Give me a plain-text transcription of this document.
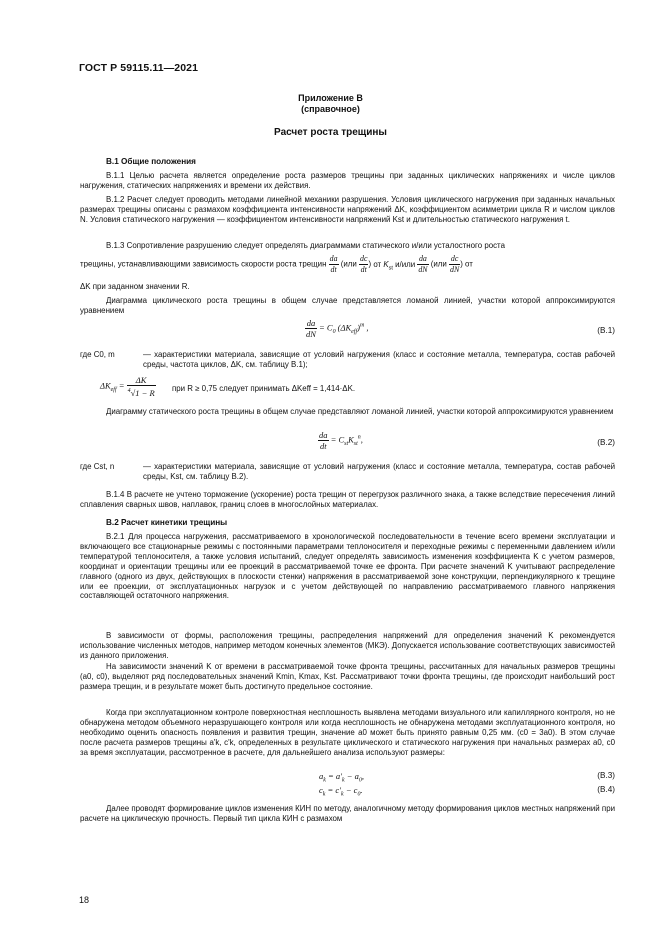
ГОСТ Р 59115.11—2021
Приложение В
(справочное)
Расчет роста трещины
В.1 Общие положения

В.1.1 Целью расчета является определение роста размеров трещины при заданных циклических напряжениях и числе циклов нагружения, статических напряжениях и времени их действия.

В.1.2 Расчет следует проводить методами линейной механики разрушения. Условия циклического нагружения при заданных начальных размерах трещины описаны с размахом коэффициента интенсивности напряжений ΔK, коэффициентом асимметрии цикла R и числом циклов N. Условия статического нагружения — коэффициентом интенсивности напряжений Kst и длительностью статического нагружения t.

В.1.3 Сопротивление разрушению следует определять диаграммами статического и/или усталостного роста

трещины, устанавливающими зависимость скорости роста трещин $\frac{da}{dt} (или \frac{dc}{dt}$ ) от $K_{st}$ $и/или \frac{da}{dN} (или \frac{dc}{dN}$ ) от

ΔK при заданном значении R.

Диаграмма циклического роста трещины в общем случае представляется ломаной линией, участки которой аппроксимируются уравнением

$\frac{da}{dN} = C_0$ $(\Delta K_{eff})^m$ ,	(В.1)
где C0, m	— характеристики материала, зависящие от условий нагружения (класс и состояние металла, температура, состав рабочей среды, частота циклов, ΔK, см. таблицу В.1);
$\Delta K_{eff} = \frac{\Delta K}{^4√1 - R}$ при R ≥ 0,75 следует принимать ΔKeff = 1,414·ΔK.

Диаграмму статического роста трещины в общем случае представляют ломаной линией, участки которой аппроксимируются уравнением

$\frac{da}{dt} = C_{st}K_{st}^n$,	(В.2)
где Cst, n	— характеристики материала, зависящие от условий нагружения (класс и состояние металла, температура, состав рабочей среды, Kst, см. таблицу В.2).

В.1.4 В расчете не учтено торможение (ускорение) роста трещин от перегрузок различного знака, а также вследствие пересечения линий сплавления сварных швов, наплавок, границ слоев в многослойных материалах.

В.2 Расчет кинетики трещины

В.2.1 Для процесса нагружения, рассматриваемого в хронологической последовательности в течение всего времени эксплуатации и включающего все стационарные режимы с постоянными параметрами теплоносителя и переходные режимы с переменными давлением и/или температурой теплоносителя, а также условия испытаний, следует определять зависимость изменения коэффициента K с учетом размеров, координат и ориентации трещины или ее проекций в рассматриваемой точке ее фронта. При расчете значений K учитывают распределение главного (одного из двух, действующих в плоскости стенки) напряжения в рассматриваемой зоне конструкции, перпендикулярного к трещине или ее проекции, от эксплуатационных нагрузок и с учетом действующей по направлению рассматриваемого главного напряжения составляющей остаточного напряжения.

В зависимости от формы, расположения трещины, распределения напряжений для определения значений K рекомендуется использование численных методов, например методом конечных элементов (МКЭ). Допускается использование соответствующих зависимостей из данного приложения.

На зависимости значений K от времени в рассматриваемой точке фронта трещины, рассчитанных для начальных размеров трещины (a0, c0), выделяют ряд последовательных значений Kmin, Kmax, Kst. Рассматривают точки фронта трещины, где происходит наибольший рост размера трещин, и в результате может быть достигнуто предельное состояние.

Когда при эксплуатационном контроле поверхностная несплошность выявлена методами визуального или капиллярного контроля, но не обнаружена методом объемного неразрушающего контроля или когда несплошность не обнаружена методами эксплуатационного контроля, но необходимо оценить опасность появления и развития трещин, значение a0 может быть принято равным 0,25 мм. (c0 = 3a0). В этом случае после расчета размеров трещины a'k, c'k, определенных в результате циклического и статического нагружения при начальных размерах a0, c0 за время эксплуатации, рассмотренное в расчете, для дальнейшего анализа используют размеры:

$a_k = a'_k - a_0$,	(В.3)
$c_k = c'_k - c_0$.	(В.4)

Далее проводят формирование циклов изменения КИН по методу, аналогичному методу формирования циклов местных напряжений при расчете на циклическую прочность. Первый тип цикла КИН с размахом

18
